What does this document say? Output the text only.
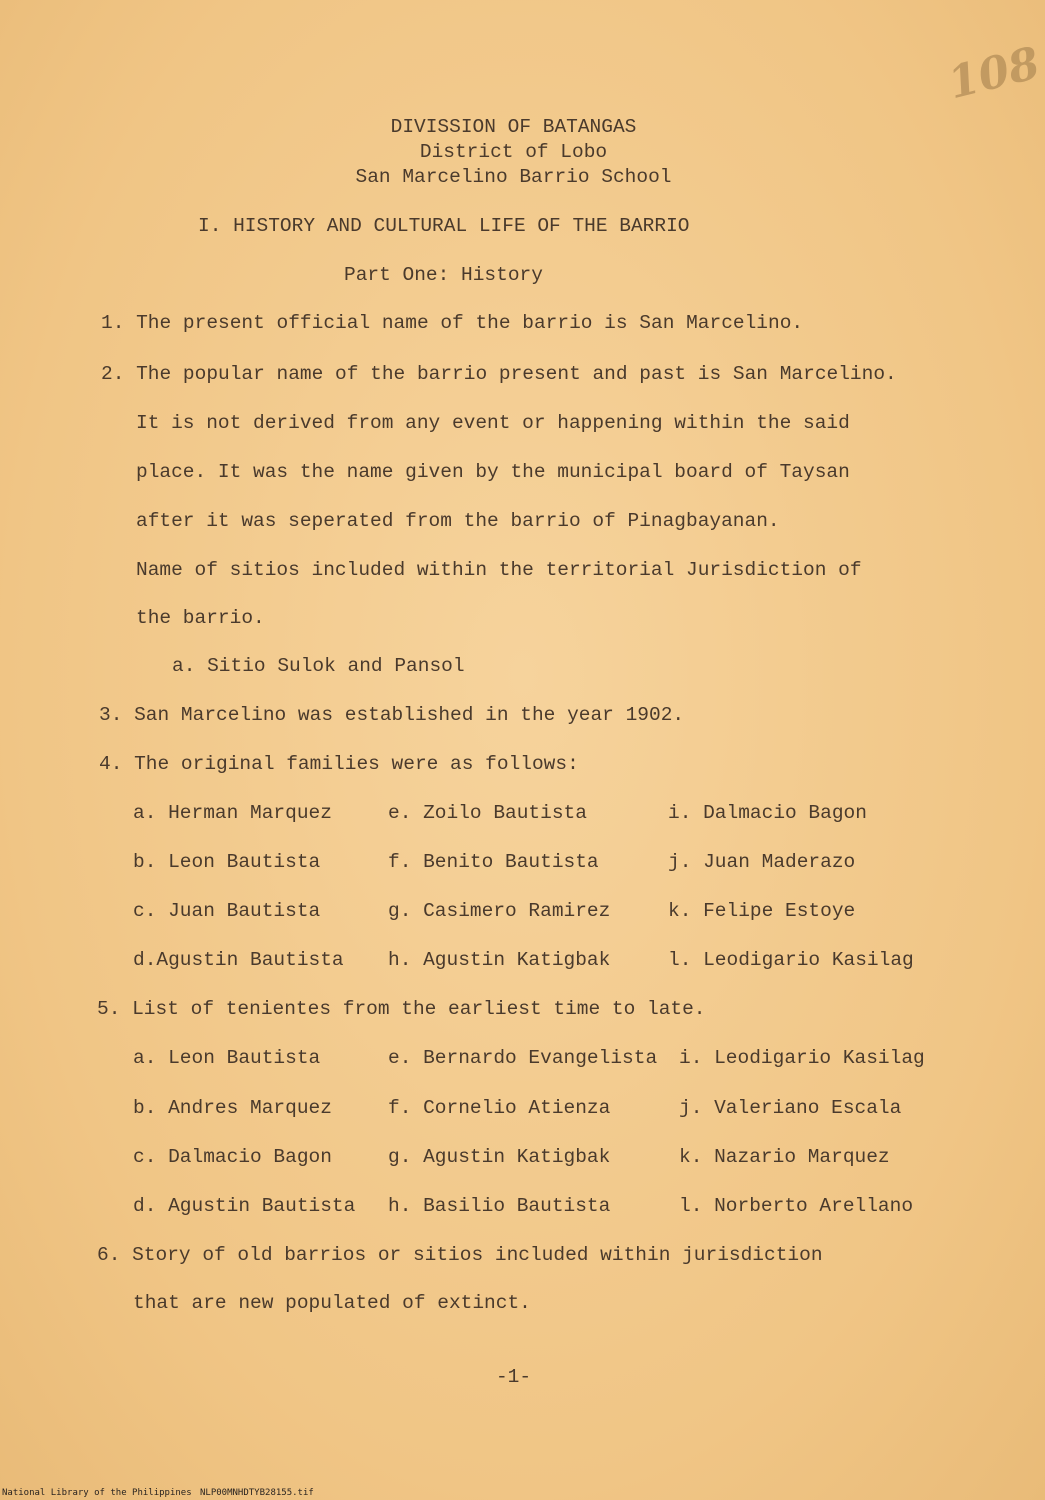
108
DIVISSION OF BATANGAS
District of Lobo
San Marcelino Barrio School
I. HISTORY AND CULTURAL LIFE OF THE BARRIO
Part One: History
1. The present official name of the barrio is San Marcelino.
2. The popular name of the barrio present and past is San Marcelino.
It is not derived from any event or happening within the said
place. It was the name given by the municipal board of Taysan
after it was seperated from the barrio of Pinagbayanan.
Name of sitios included within the territorial Jurisdiction of
the barrio.
a. Sitio Sulok and Pansol
3. San Marcelino was established in the year 1902.
4. The original families were as follows:
a. Herman Marquez	e. Zoilo Bautista	i. Dalmacio Bagon
b. Leon Bautista	f. Benito Bautista	j. Juan Maderazo
c. Juan Bautista	g. Casimero Ramirez	k. Felipe Estoye
d.Agustin Bautista h. Agustin Katigbak	l. Leodigario Kasilag
5. List of tenientes from the earliest time to late.
a. Leon Bautista	e. Bernardo Evangelista i. Leodigario Kasilag
b. Andres Marquez	f. Cornelio Atienza	j. Valeriano Escala
c. Dalmacio Bagon	g. Agustin Katigbak	k. Nazario Marquez
d. Agustin Bautista h. Basilio Bautista	l. Norberto Arellano
6. Story of old barrios or sitios included within jurisdiction
that are new populated of extinct.
-1-
National Library of the Philippines NLP00MNHDTYB28155.tif
